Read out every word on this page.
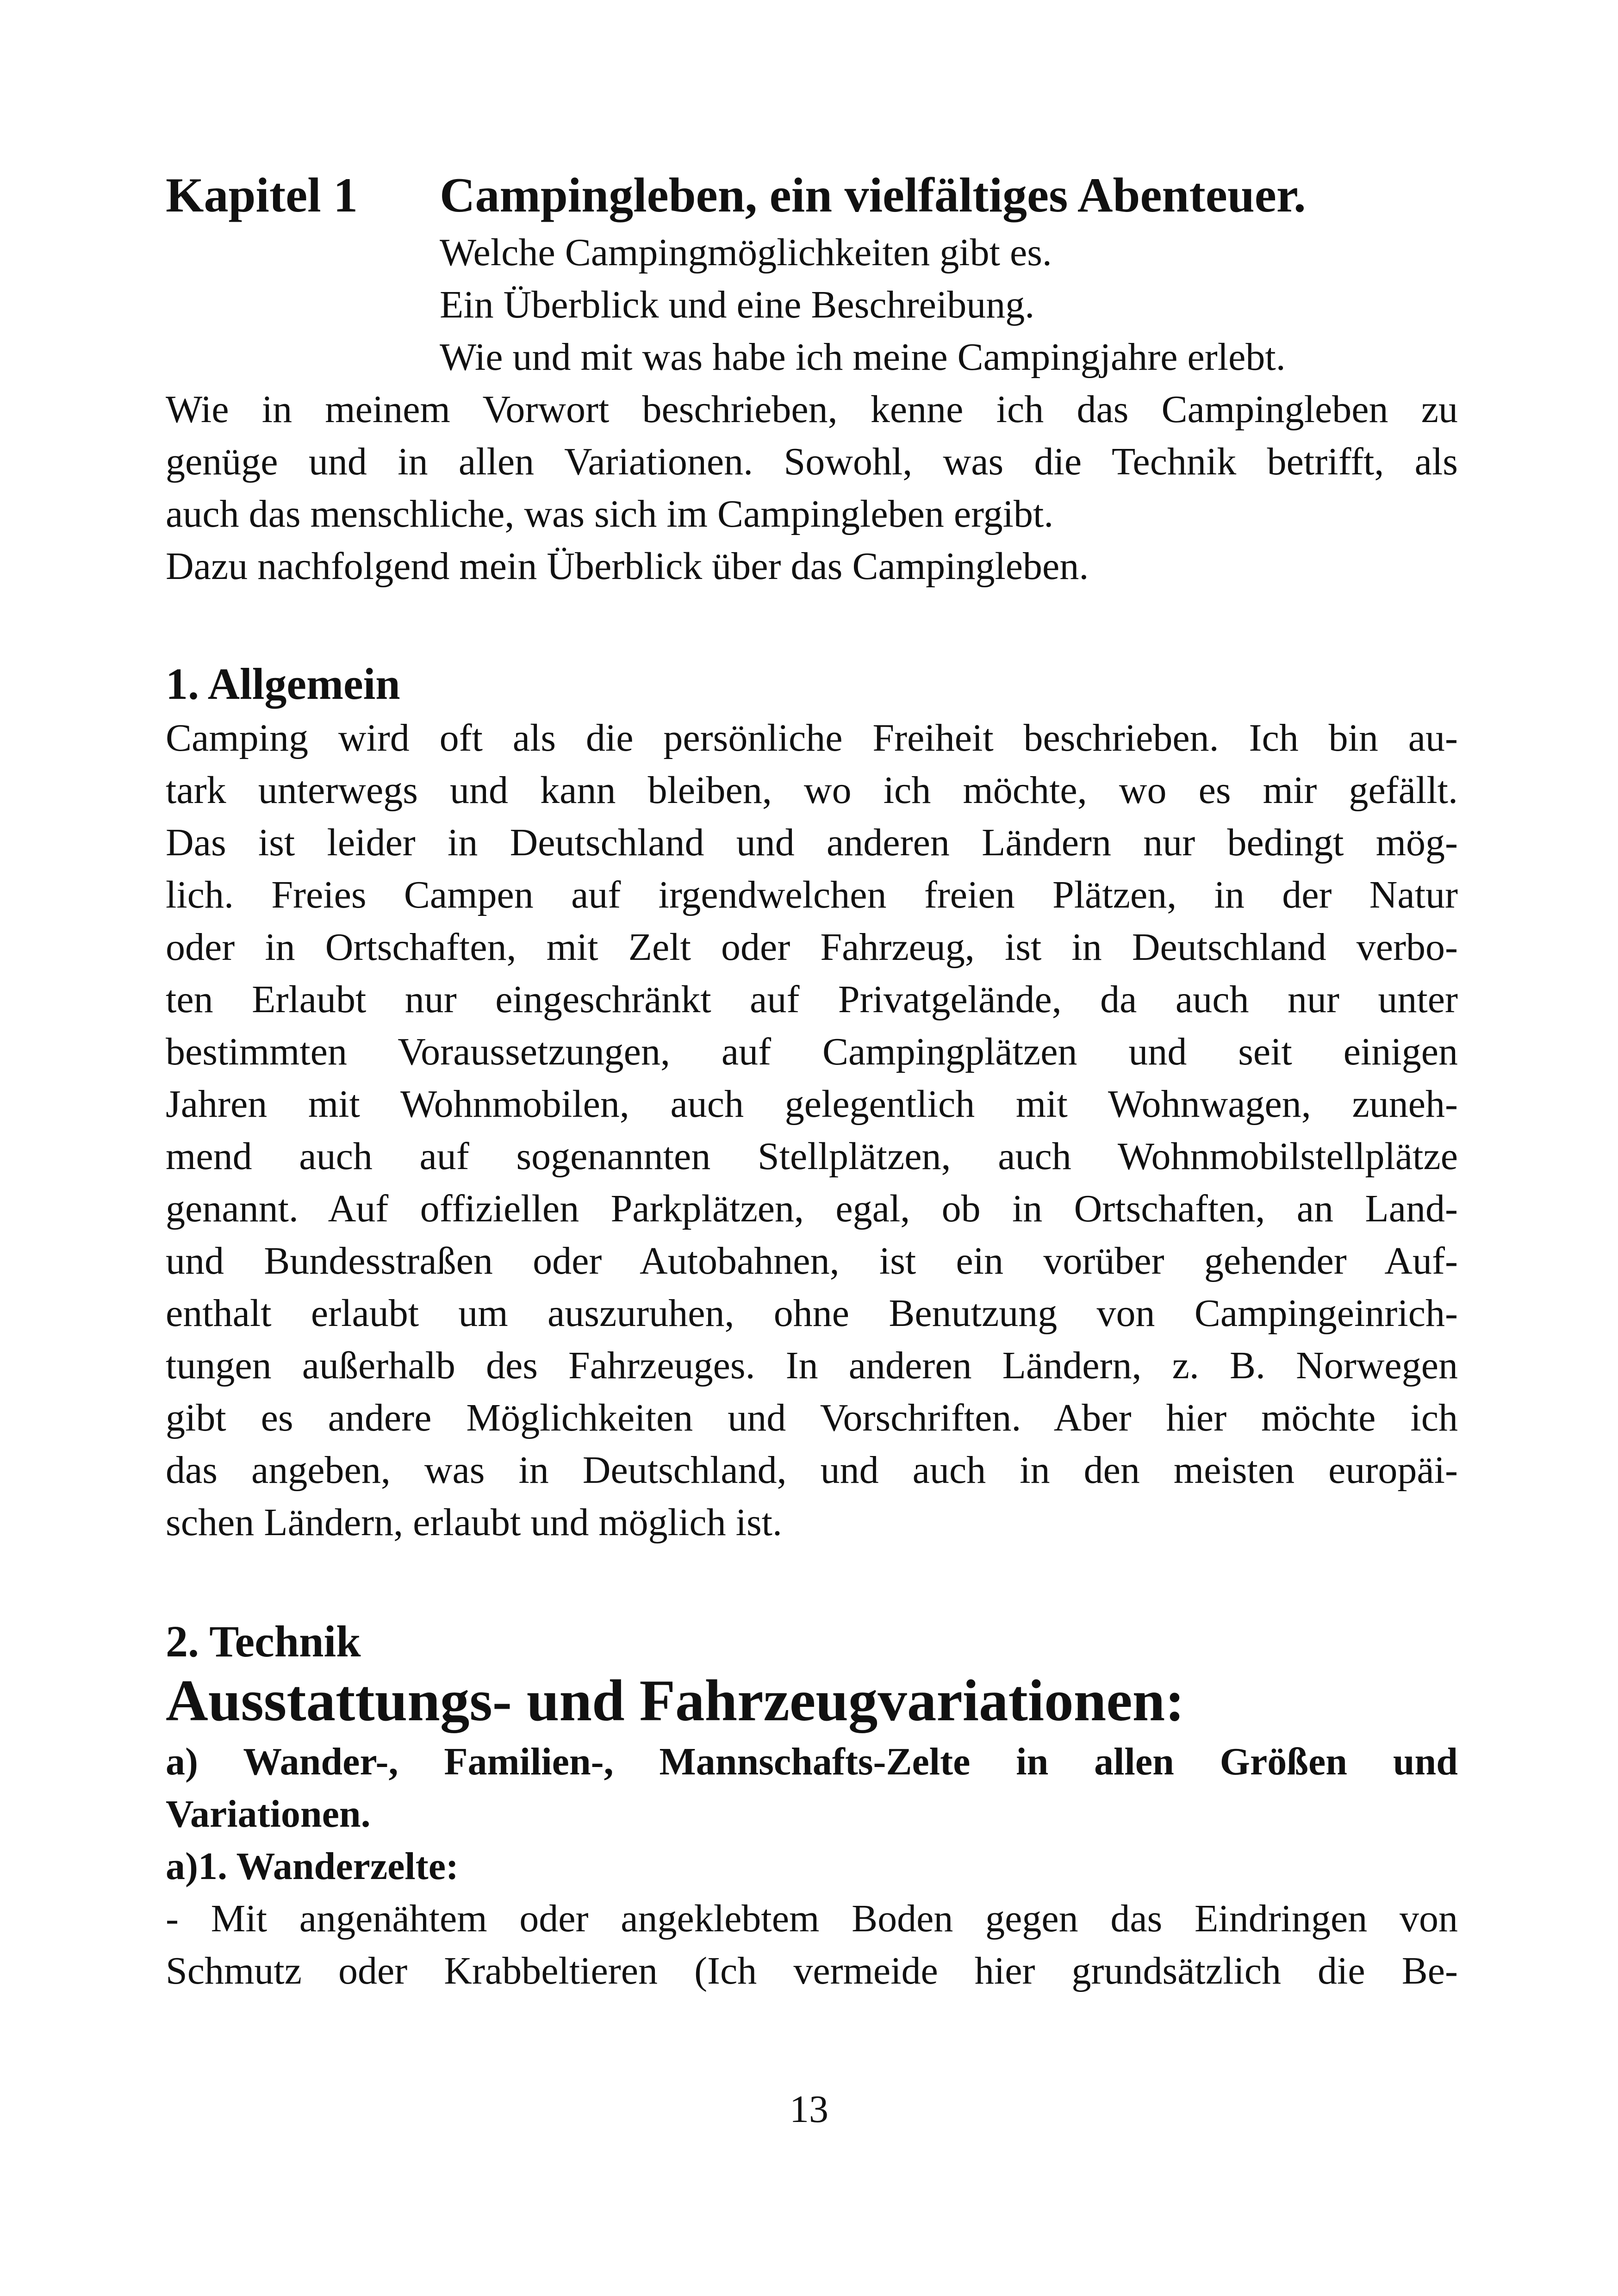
Kapitel 1 Campingleben, ein vielfältiges Abenteuer.
Welche Campingmöglichkeiten gibt es.
Ein Überblick und eine Beschreibung.
Wie und mit was habe ich meine Campingjahre erlebt.
Wie in meinem Vorwort beschrieben, kenne ich das Campingleben zu
genüge und in allen Variationen. Sowohl, was die Technik betrifft, als
auch das menschliche, was sich im Campingleben ergibt.
Dazu nachfolgend mein Überblick über das Campingleben.
1. Allgemein
Camping wird oft als die persönliche Freiheit beschrieben. Ich bin au-
tark unterwegs und kann bleiben, wo ich möchte, wo es mir gefällt.
Das ist leider in Deutschland und anderen Ländern nur bedingt mög-
lich. Freies Campen auf irgendwelchen freien Plätzen, in der Natur
oder in Ortschaften, mit Zelt oder Fahrzeug, ist in Deutschland verbo-
ten Erlaubt nur eingeschränkt auf Privatgelände, da auch nur unter
bestimmten Voraussetzungen, auf Campingplätzen und seit einigen
Jahren mit Wohnmobilen, auch gelegentlich mit Wohnwagen, zuneh-
mend auch auf sogenannten Stellplätzen, auch Wohnmobilstellplätze
genannt. Auf offiziellen Parkplätzen, egal, ob in Ortschaften, an Land-
und Bundesstraßen oder Autobahnen, ist ein vorüber gehender Auf-
enthalt erlaubt um auszuruhen, ohne Benutzung von Campingeinrich-
tungen außerhalb des Fahrzeuges. In anderen Ländern, z. B. Norwegen
gibt es andere Möglichkeiten und Vorschriften. Aber hier möchte ich
das angeben, was in Deutschland, und auch in den meisten europäi-
schen Ländern, erlaubt und möglich ist.
2. Technik
Ausstattungs- und Fahrzeugvariationen:
a) Wander-, Familien-, Mannschafts-Zelte in allen Größen und
Variationen.
a)1. Wanderzelte:
- Mit angenähtem oder angeklebtem Boden gegen das Eindringen von
Schmutz oder Krabbeltieren (Ich vermeide hier grundsätzlich die Be-
13
